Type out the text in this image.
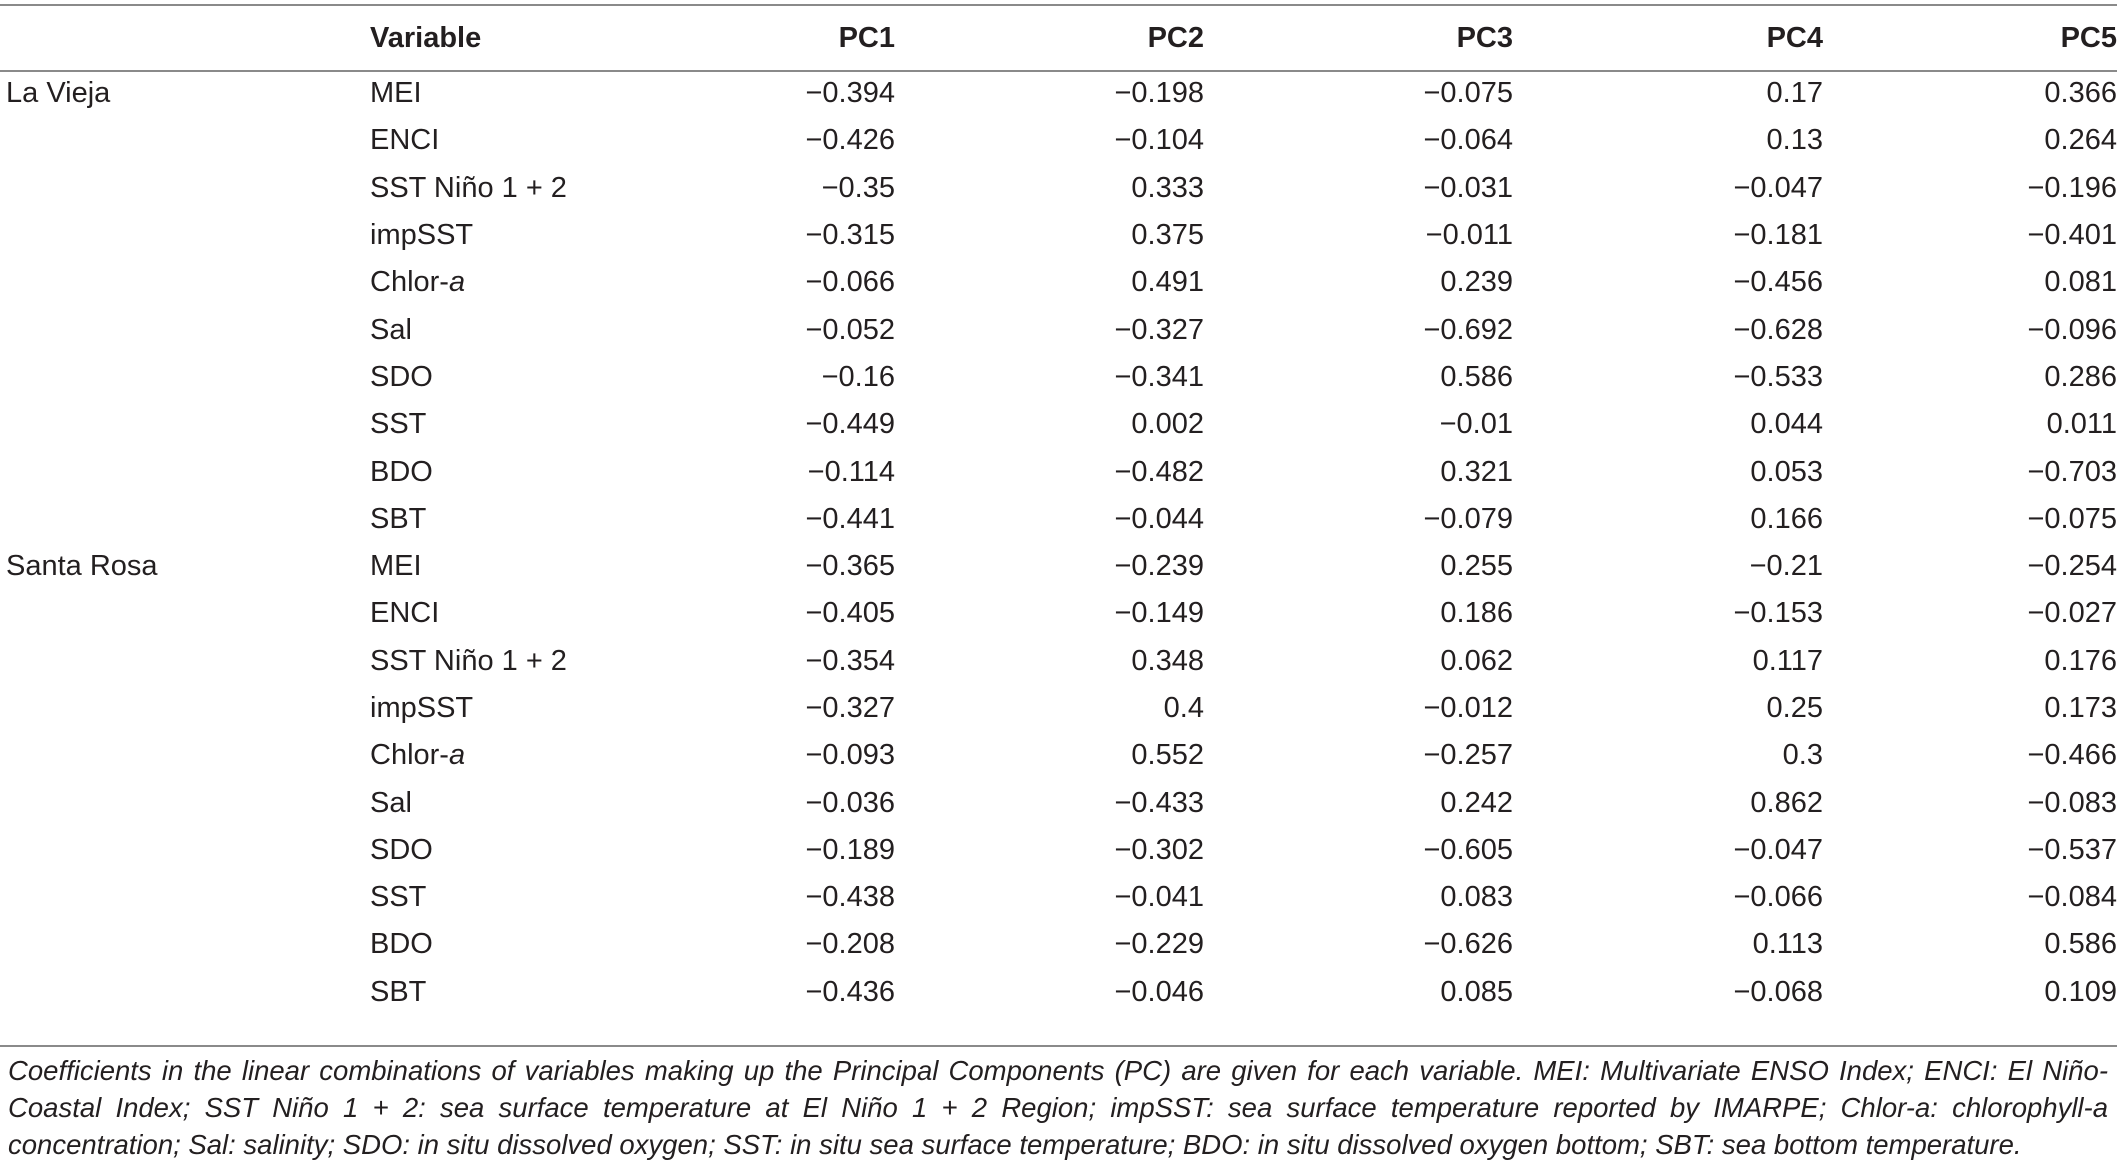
	Variable	PC1	PC2	PC3	PC4	PC5
La Vieja	MEI	−0.394	−0.198	−0.075	0.17	0.366
	ENCI	−0.426	−0.104	−0.064	0.13	0.264
	SST Niño 1 + 2	−0.35	0.333	−0.031	−0.047	−0.196
	impSST	−0.315	0.375	−0.011	−0.181	−0.401
	Chlor-a	−0.066	0.491	0.239	−0.456	0.081
	Sal	−0.052	−0.327	−0.692	−0.628	−0.096
	SDO	−0.16	−0.341	0.586	−0.533	0.286
	SST	−0.449	0.002	−0.01	0.044	0.011
	BDO	−0.114	−0.482	0.321	0.053	−0.703
	SBT	−0.441	−0.044	−0.079	0.166	−0.075
Santa Rosa	MEI	−0.365	−0.239	0.255	−0.21	−0.254
	ENCI	−0.405	−0.149	0.186	−0.153	−0.027
	SST Niño 1 + 2	−0.354	0.348	0.062	0.117	0.176
	impSST	−0.327	0.4	−0.012	0.25	0.173
	Chlor-a	−0.093	0.552	−0.257	0.3	−0.466
	Sal	−0.036	−0.433	0.242	0.862	−0.083
	SDO	−0.189	−0.302	−0.605	−0.047	−0.537
	SST	−0.438	−0.041	0.083	−0.066	−0.084
	BDO	−0.208	−0.229	−0.626	0.113	0.586
	SBT	−0.436	−0.046	0.085	−0.068	0.109
Coefficients in the linear combinations of variables making up the Principal Components (PC) are given for each variable. MEI: Multivariate ENSO Index; ENCI: El Niño-Coastal Index; SST Niño 1 + 2: sea surface temperature at El Niño 1 + 2 Region; impSST: sea surface temperature reported by IMARPE; Chlor-a: chlorophyll-a concentration; Sal: salinity; SDO: in situ dissolved oxygen; SST: in situ sea surface temperature; BDO: in situ dissolved oxygen bottom; SBT: sea bottom temperature.
